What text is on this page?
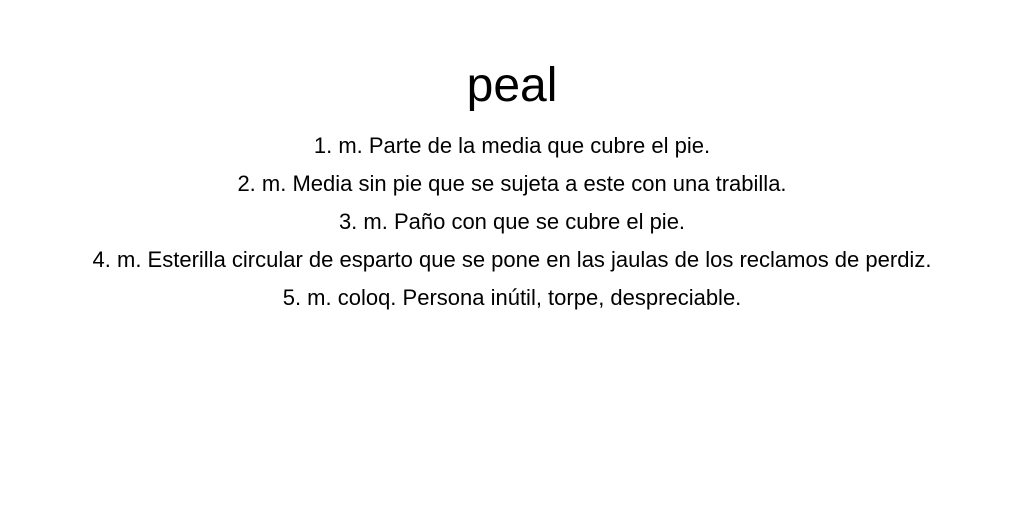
peal
1. m. Parte de la media que cubre el pie.
2. m. Media sin pie que se sujeta a este con una trabilla.
3. m. Paño con que se cubre el pie.
4. m. Esterilla circular de esparto que se pone en las jaulas de los reclamos de perdiz.
5. m. coloq. Persona inútil, torpe, despreciable.
